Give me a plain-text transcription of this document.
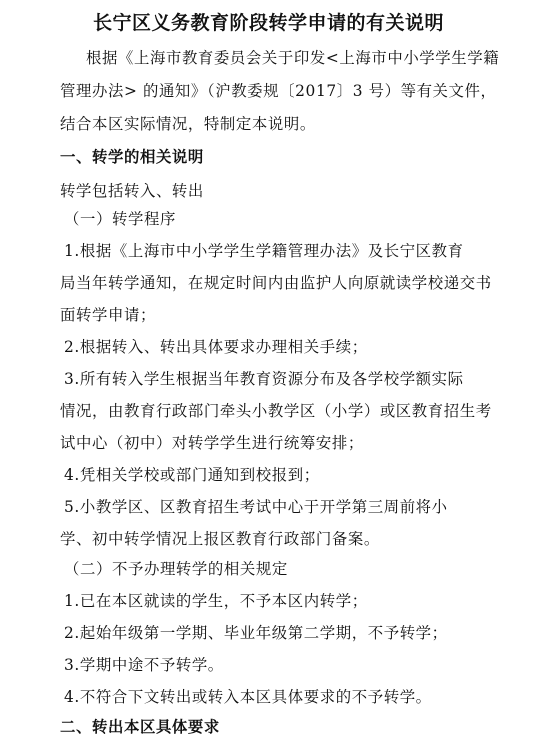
长宁区义务教育阶段转学申请的有关说明
根据《上海市教育委员会关于印发<上海市中小学学生学籍
管理办法> 的通知》（沪教委规〔2017〕3 号）等有关文件，
结合本区实际情况，特制定本说明。
一、转学的相关说明
转学包括转入、转出
（一）转学程序
1.根据《上海市中小学学生学籍管理办法》及长宁区教育
局当年转学通知，在规定时间内由监护人向原就读学校递交书
面转学申请；
2.根据转入、转出具体要求办理相关手续；
3.所有转入学生根据当年教育资源分布及各学校学额实际
情况，由教育行政部门牵头小教学区（小学）或区教育招生考
试中心（初中）对转学学生进行统筹安排；
4.凭相关学校或部门通知到校报到；
5.小教学区、区教育招生考试中心于开学第三周前将小
学、初中转学情况上报区教育行政部门备案。
（二）不予办理转学的相关规定
1.已在本区就读的学生，不予本区内转学；
2.起始年级第一学期、毕业年级第二学期，不予转学；
3.学期中途不予转学。
4.不符合下文转出或转入本区具体要求的不予转学。
二、转出本区具体要求
